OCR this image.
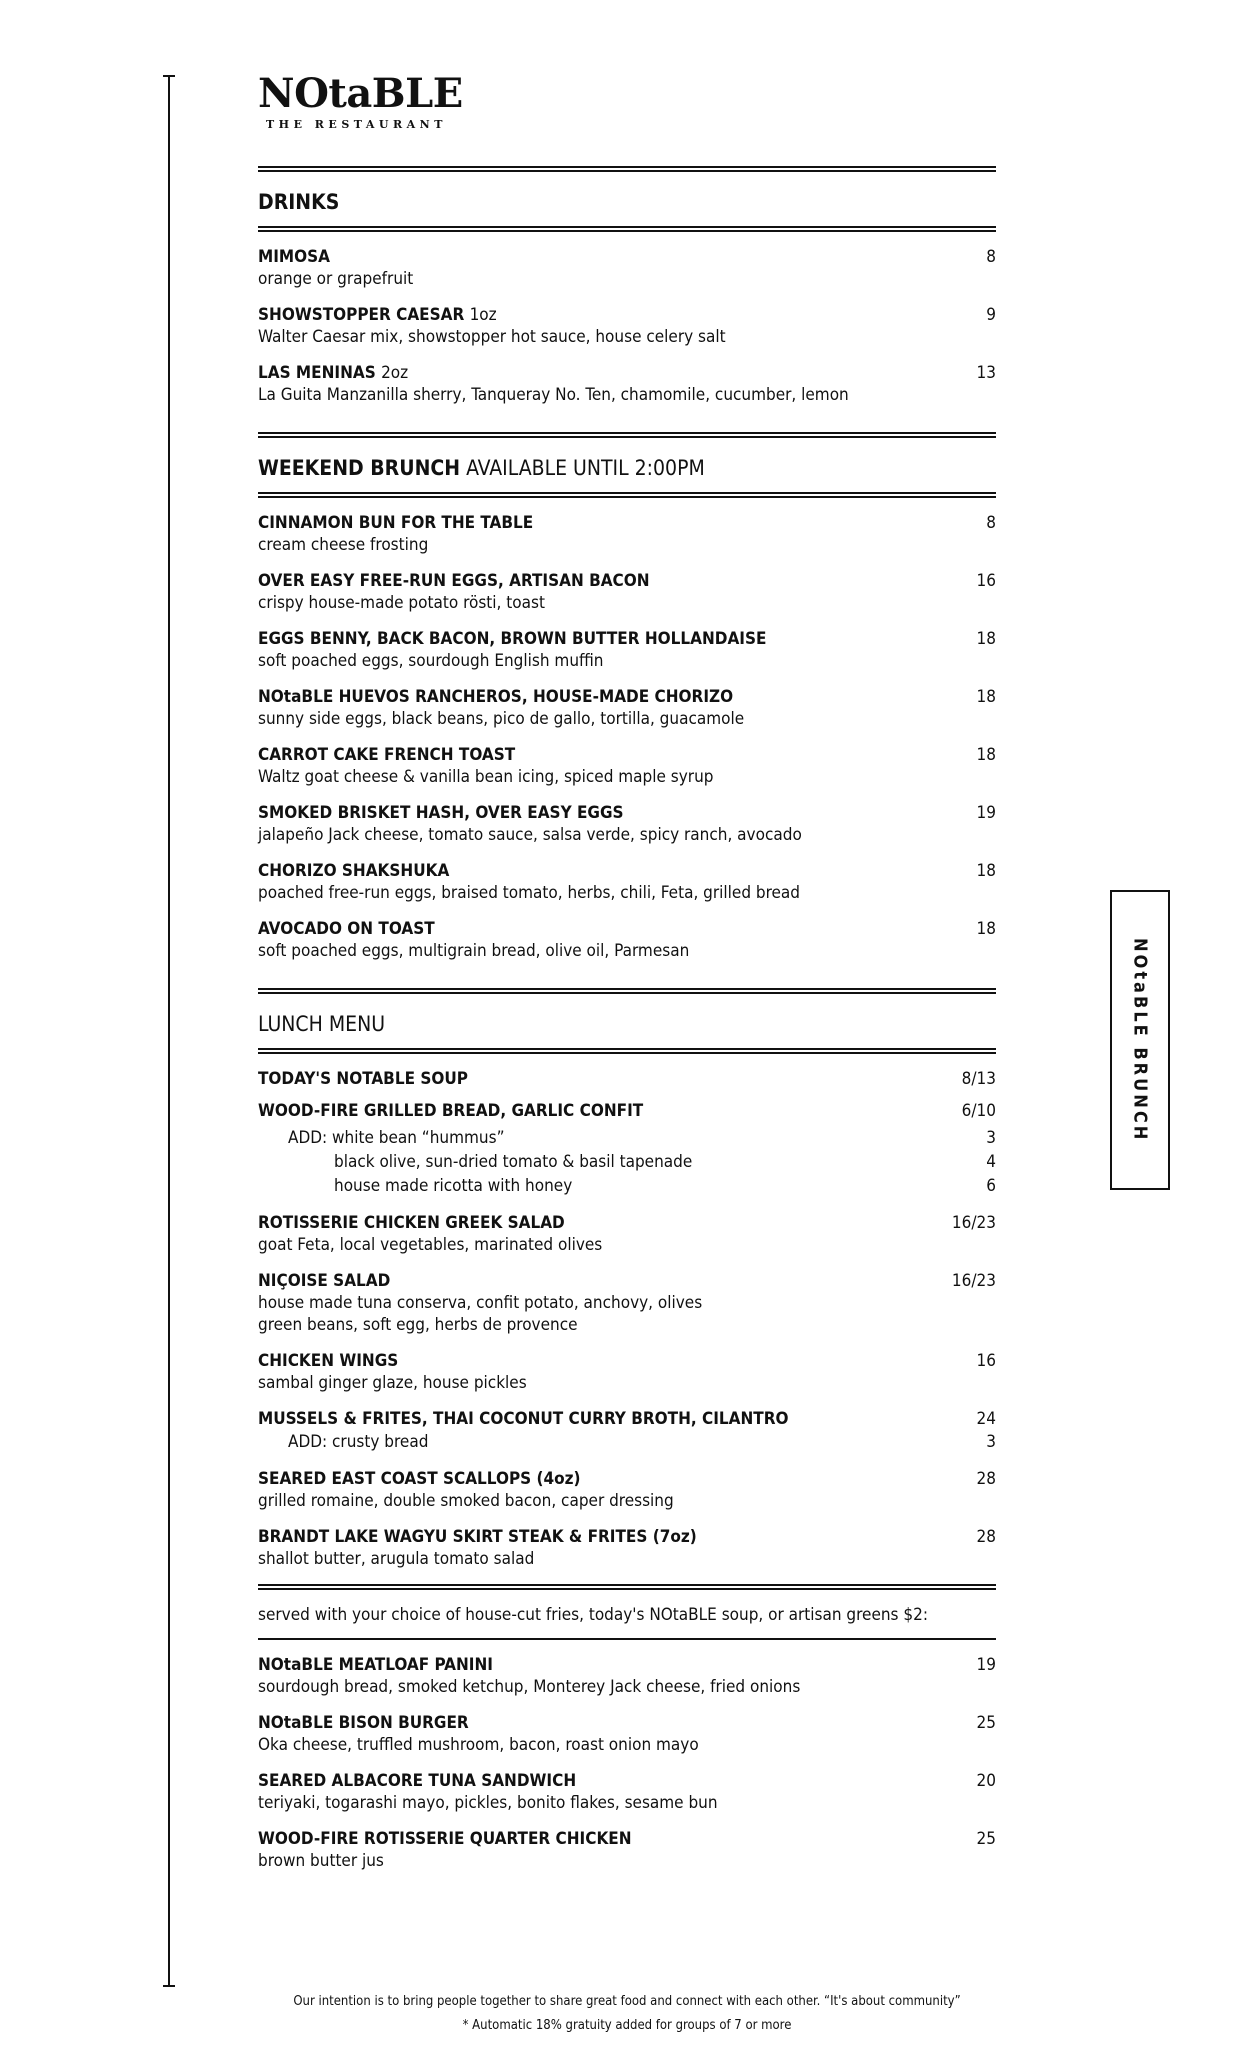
NOtaBLE
THE RESTAURANT
NOtaBLE BRUNCH
DRINKS
MIMOSA
orange or grapefruit
8
SHOWSTOPPER CAESAR 1oz
Walter Caesar mix, showstopper hot sauce, house celery salt
9
LAS MENINAS 2oz
La Guita Manzanilla sherry, Tanqueray No. Ten, chamomile, cucumber, lemon
13
WEEKEND BRUNCH AVAILABLE UNTIL 2:00PM
CINNAMON BUN FOR THE TABLE
cream cheese frosting
8
OVER EASY FREE-RUN EGGS, ARTISAN BACON
crispy house-made potato rösti, toast
16
EGGS BENNY, BACK BACON, BROWN BUTTER HOLLANDAISE
soft poached eggs, sourdough English muffin
18
NOtaBLE HUEVOS RANCHEROS, HOUSE-MADE CHORIZO
sunny side eggs, black beans, pico de gallo, tortilla, guacamole
18
CARROT CAKE FRENCH TOAST
Waltz goat cheese & vanilla bean icing, spiced maple syrup
18
SMOKED BRISKET HASH, OVER EASY EGGS
jalapeño Jack cheese, tomato sauce, salsa verde, spicy ranch, avocado
19
CHORIZO SHAKSHUKA
poached free-run eggs, braised tomato, herbs, chili, Feta, grilled bread
18
AVOCADO ON TOAST
soft poached eggs, multigrain bread, olive oil, Parmesan
18
LUNCH MENU
TODAY'S NOTABLE SOUP	8/13
WOOD-FIRE GRILLED BREAD, GARLIC CONFIT	6/10
ADD: white bean “hummus”	3
black olive, sun-dried tomato & basil tapenade	4
house made ricotta with honey	6
ROTISSERIE CHICKEN GREEK SALAD
goat Feta, local vegetables, marinated olives
16/23
NIÇOISE SALAD
house made tuna conserva, confit potato, anchovy, olives
green beans, soft egg, herbs de provence
16/23
CHICKEN WINGS
sambal ginger glaze, house pickles
16
MUSSELS & FRITES, THAI COCONUT CURRY BROTH, CILANTRO	24
ADD: crusty bread	3
SEARED EAST COAST SCALLOPS (4oz)
grilled romaine, double smoked bacon, caper dressing
28
BRANDT LAKE WAGYU SKIRT STEAK & FRITES (7oz)
shallot butter, arugula tomato salad
28
served with your choice of house-cut fries, today's NOtaBLE soup, or artisan greens $2:
NOtaBLE MEATLOAF PANINI
sourdough bread, smoked ketchup, Monterey Jack cheese, fried onions
19
NOtaBLE BISON BURGER
Oka cheese, truffled mushroom, bacon, roast onion mayo
25
SEARED ALBACORE TUNA SANDWICH
teriyaki, togarashi mayo, pickles, bonito flakes, sesame bun
20
WOOD-FIRE ROTISSERIE QUARTER CHICKEN
brown butter jus
25
Our intention is to bring people together to share great food and connect with each other. “It's about community”
* Automatic 18% gratuity added for groups of 7 or more
